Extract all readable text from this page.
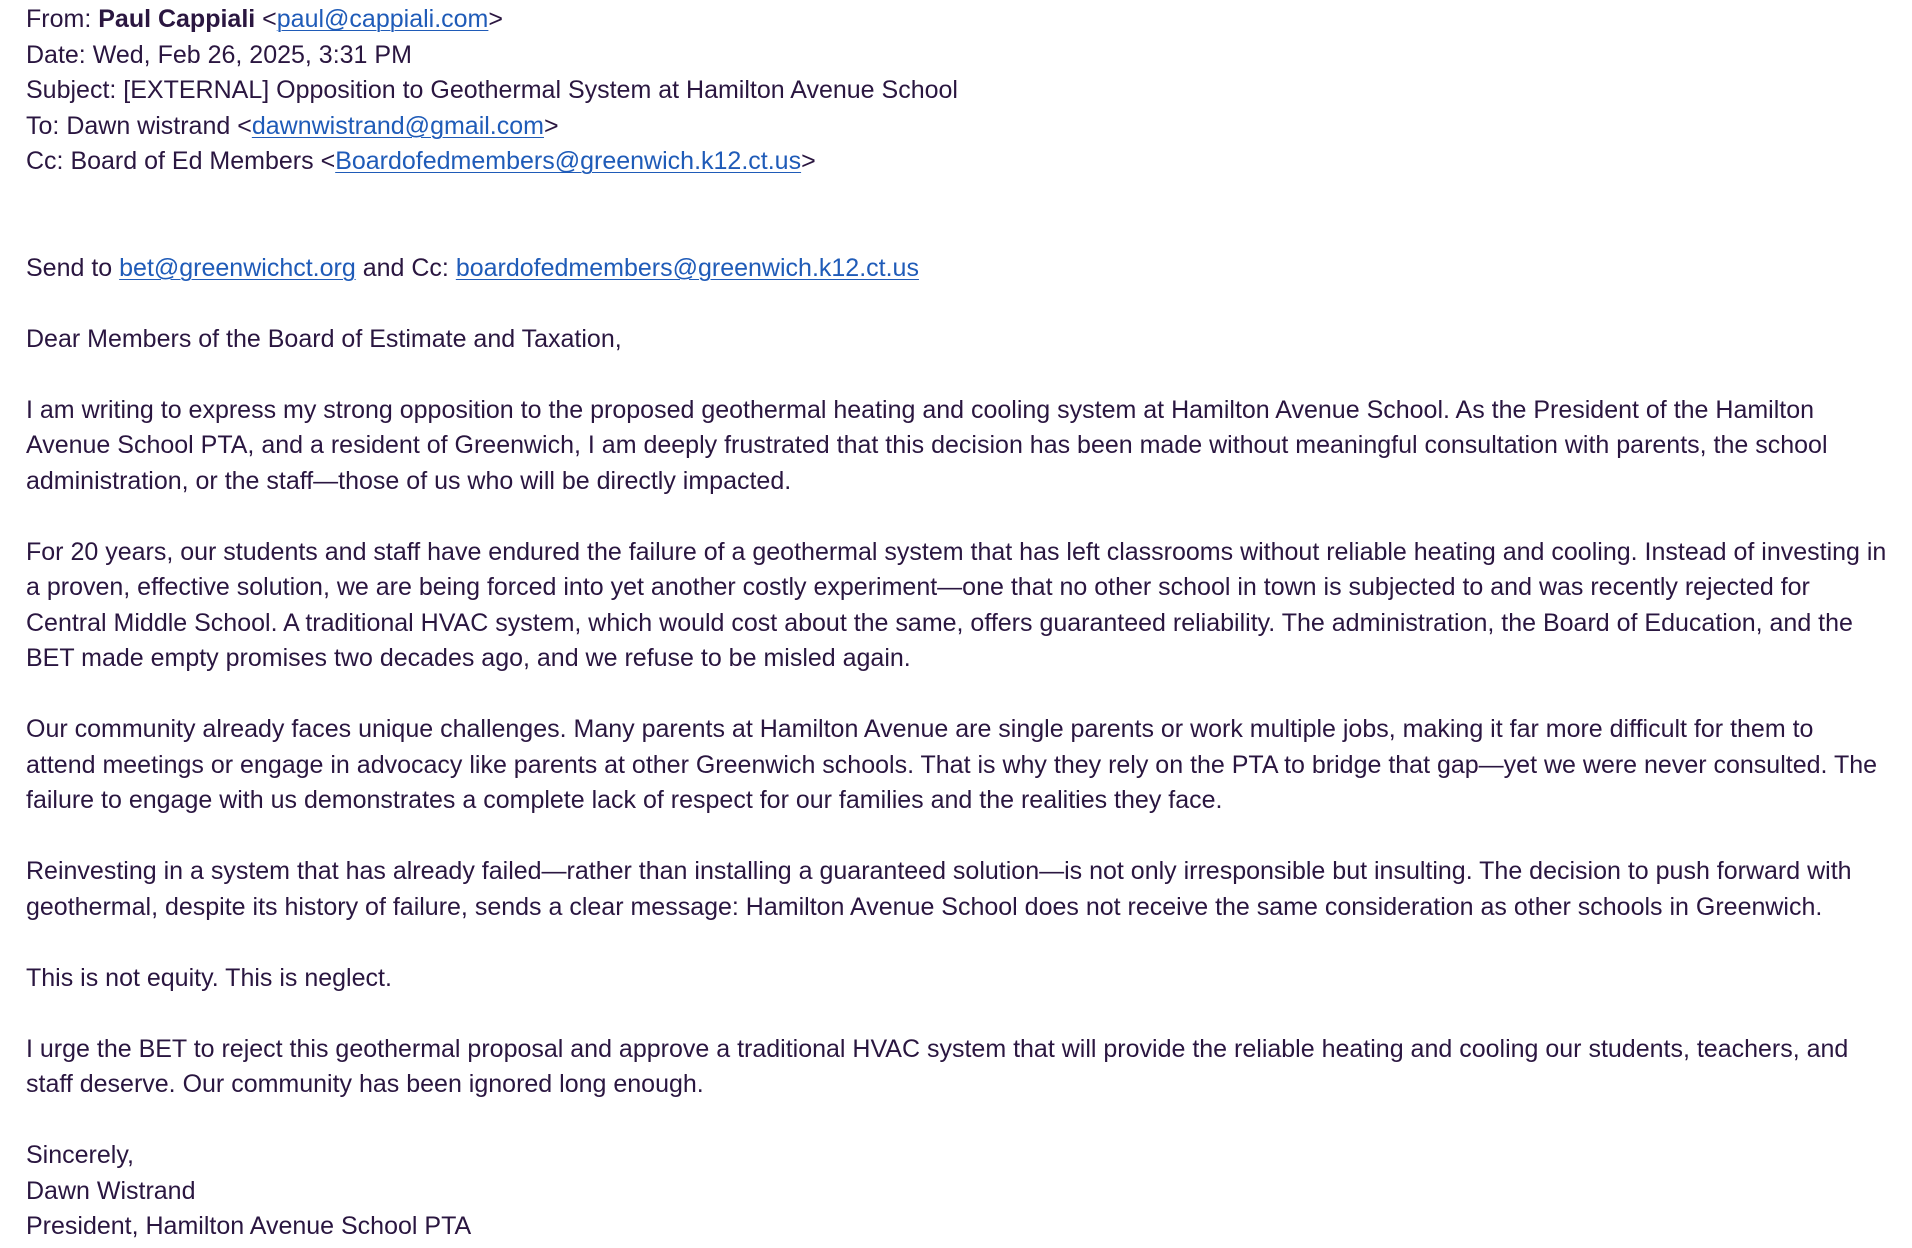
From: Paul Cappiali <paul@cappiali.com>
Date: Wed, Feb 26, 2025, 3:31 PM
Subject: [EXTERNAL] Opposition to Geothermal System at Hamilton Avenue School
To: Dawn wistrand <dawnwistrand@gmail.com>
Cc: Board of Ed Members <Boardofedmembers@greenwich.k12.ct.us>
Send to bet@greenwichct.org and Cc: boardofedmembers@greenwich.k12.ct.us

Dear Members of the Board of Estimate and Taxation,

I am writing to express my strong opposition to the proposed geothermal heating and cooling system at Hamilton Avenue School. As the President of the Hamilton Avenue School PTA, and a resident of Greenwich, I am deeply frustrated that this decision has been made without meaningful consultation with parents, the school administration, or the staff—those of us who will be directly impacted.

For 20 years, our students and staff have endured the failure of a geothermal system that has left classrooms without reliable heating and cooling. Instead of investing in a proven, effective solution, we are being forced into yet another costly experiment—one that no other school in town is subjected to and was recently rejected for Central Middle School. A traditional HVAC system, which would cost about the same, offers guaranteed reliability. The administration, the Board of Education, and the BET made empty promises two decades ago, and we refuse to be misled again.

Our community already faces unique challenges. Many parents at Hamilton Avenue are single parents or work multiple jobs, making it far more difficult for them to attend meetings or engage in advocacy like parents at other Greenwich schools. That is why they rely on the PTA to bridge that gap—yet we were never consulted. The failure to engage with us demonstrates a complete lack of respect for our families and the realities they face.

Reinvesting in a system that has already failed—rather than installing a guaranteed solution—is not only irresponsible but insulting. The decision to push forward with geothermal, despite its history of failure, sends a clear message: Hamilton Avenue School does not receive the same consideration as other schools in Greenwich.

This is not equity. This is neglect.

I urge the BET to reject this geothermal proposal and approve a traditional HVAC system that will provide the reliable heating and cooling our students, teachers, and staff deserve. Our community has been ignored long enough.

Sincerely,
Dawn Wistrand
President, Hamilton Avenue School PTA
